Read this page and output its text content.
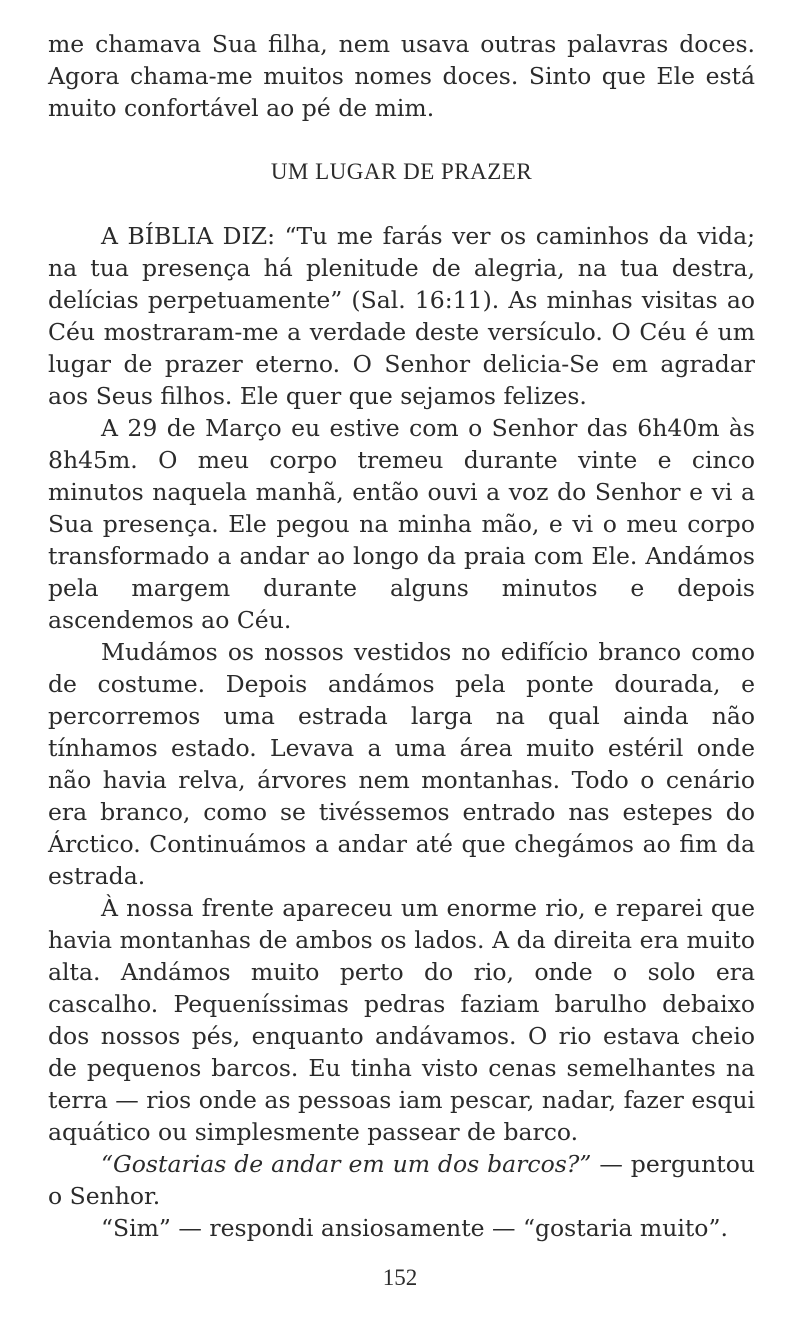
me chamava Sua filha, nem usava outras palavras doces. Agora chama-me muitos nomes doces. Sinto que Ele está muito confortável ao pé de mim.

UM LUGAR DE PRAZER

A BÍBLIA DIZ: “Tu me farás ver os caminhos da vida; na tua presença há plenitude de alegria, na tua destra, delícias perpetuamente” (Sal. 16:11). As minhas visitas ao Céu mostraram-me a verdade deste versículo. O Céu é um lugar de prazer eterno. O Senhor delicia-Se em agradar aos Seus filhos. Ele quer que sejamos felizes.

A 29 de Março eu estive com o Senhor das 6h40m às 8h45m. O meu corpo tremeu durante vinte e cinco minutos naquela manhã, então ouvi a voz do Senhor e vi a Sua presença. Ele pegou na minha mão, e vi o meu corpo transformado a andar ao longo da praia com Ele. Andámos pela margem durante alguns minutos e depois ascendemos ao Céu.

Mudámos os nossos vestidos no edifício branco como de costume. Depois andámos pela ponte dourada, e percorremos uma estrada larga na qual ainda não tínhamos estado. Levava a uma área muito estéril onde não havia relva, árvores nem montanhas. Todo o cenário era branco, como se tivéssemos entrado nas estepes do Árctico. Continuámos a andar até que chegámos ao fim da estrada.

À nossa frente apareceu um enorme rio, e reparei que havia montanhas de ambos os lados. A da direita era muito alta. Andámos muito perto do rio, onde o solo era cascalho. Pequeníssimas pedras faziam barulho debaixo dos nossos pés, enquanto andávamos. O rio estava cheio de pequenos barcos. Eu tinha visto cenas semelhantes na terra — rios onde as pessoas iam pescar, nadar, fazer esqui aquático ou simplesmente passear de barco.

“Gostarias de andar em um dos barcos?” — perguntou o Senhor.

“Sim” — respondi ansiosamente — “gostaria muito”.

152
